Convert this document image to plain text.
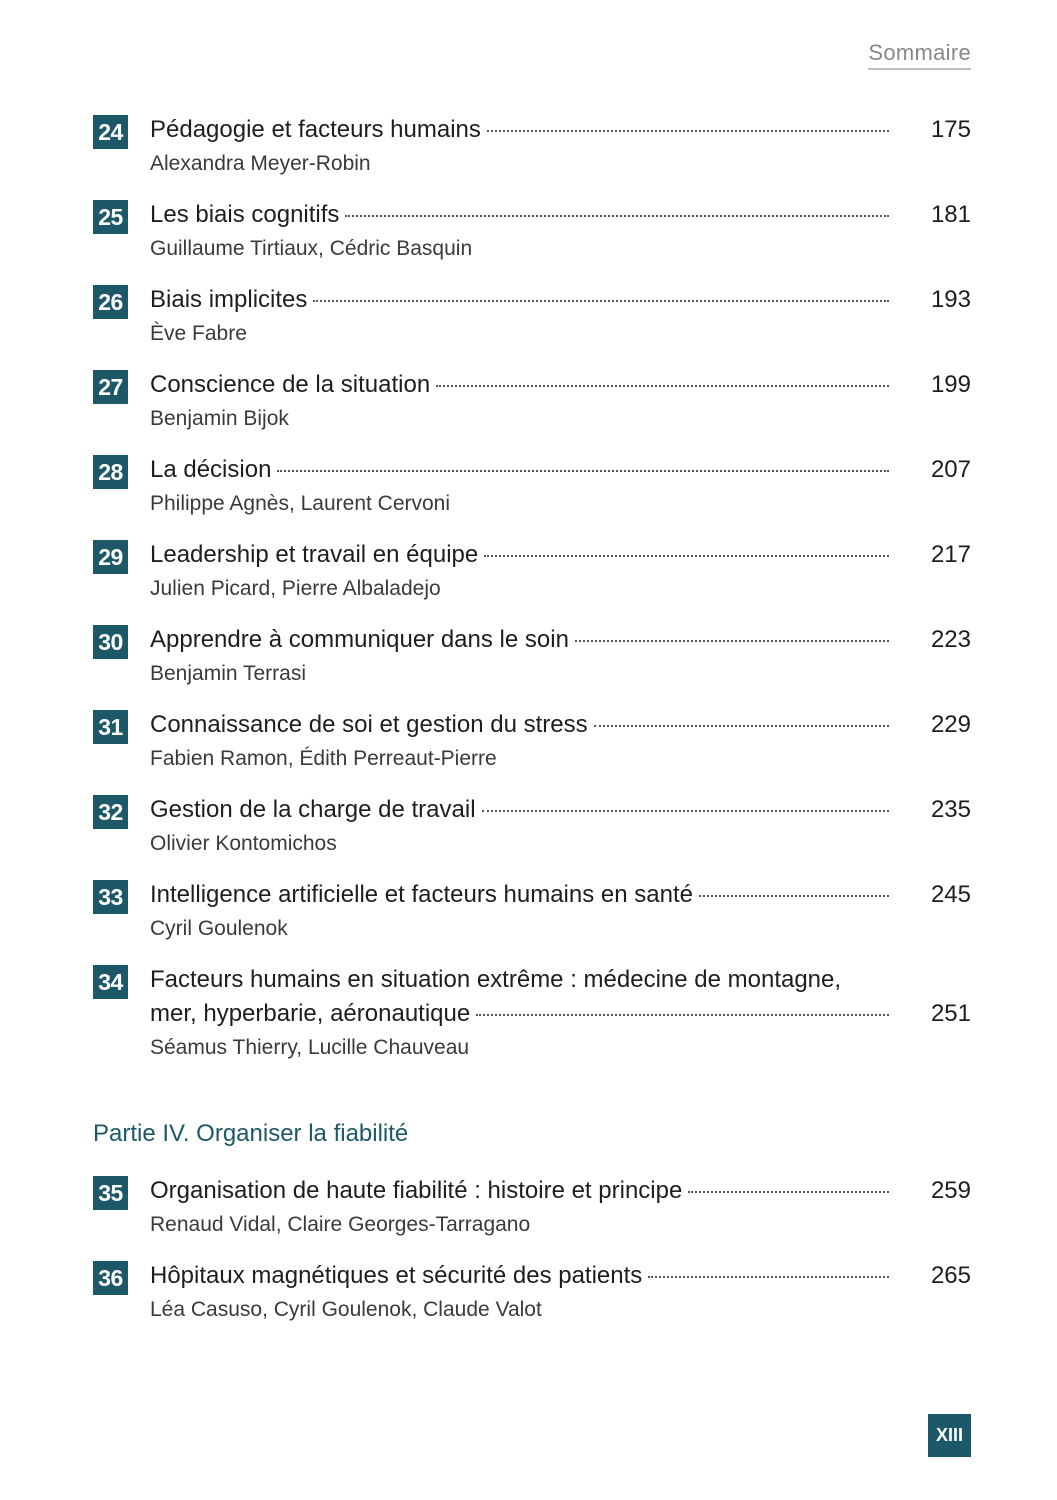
Sommaire
24 Pédagogie et facteurs humains	175
Alexandra Meyer-Robin
25 Les biais cognitifs	181
Guillaume Tirtiaux, Cédric Basquin
26 Biais implicites	193
Ève Fabre
27 Conscience de la situation	199
Benjamin Bijok
28 La décision	207
Philippe Agnès, Laurent Cervoni
29 Leadership et travail en équipe	217
Julien Picard, Pierre Albaladejo
30 Apprendre à communiquer dans le soin	223
Benjamin Terrasi
31 Connaissance de soi et gestion du stress	229
Fabien Ramon, Édith Perreaut-Pierre
32 Gestion de la charge de travail	235
Olivier Kontomichos
33 Intelligence artificielle et facteurs humains en santé	245
Cyril Goulenok
34 Facteurs humains en situation extrême : médecine de montagne,
mer, hyperbarie, aéronautique	251
Séamus Thierry, Lucille Chauveau
Partie IV. Organiser la fiabilité
35 Organisation de haute fiabilité : histoire et principe	259
Renaud Vidal, Claire Georges-Tarragano
36 Hôpitaux magnétiques et sécurité des patients	265
Léa Casuso, Cyril Goulenok, Claude Valot
XIII
